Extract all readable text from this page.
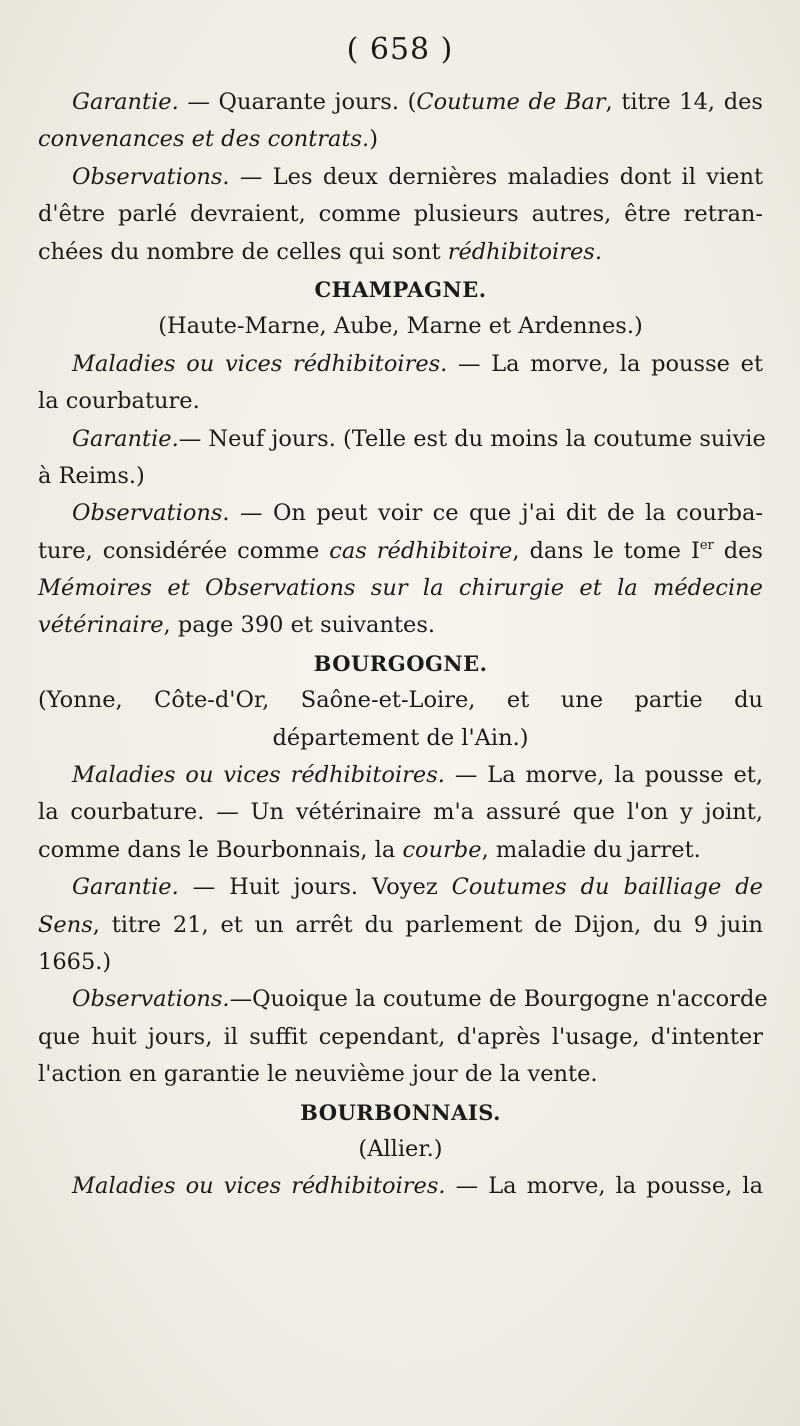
( 658 )
Garantie. — Quarante jours. (Coutume de Bar, titre 14, des
convenances et des contrats.)
Observations. — Les deux dernières maladies dont il vient
d'être parlé devraient, comme plusieurs autres, être retran-
chées du nombre de celles qui sont rédhibitoires.
CHAMPAGNE.
(Haute-Marne, Aube, Marne et Ardennes.)
Maladies ou vices rédhibitoires. — La morve, la pousse et
la courbature.
Garantie.— Neuf jours. (Telle est du moins la coutume suivie
à Reims.)
Observations. — On peut voir ce que j'ai dit de la courba-
ture, considérée comme cas rédhibitoire, dans le tome Ier des
Mémoires et Observations sur la chirurgie et la médecine
vétérinaire, page 390 et suivantes.
BOURGOGNE.
(Yonne, Côte-d'Or, Saône-et-Loire, et une partie du
département de l'Ain.)
Maladies ou vices rédhibitoires. — La morve, la pousse et,
la courbature. — Un vétérinaire m'a assuré que l'on y joint,
comme dans le Bourbonnais, la courbe, maladie du jarret.
Garantie. — Huit jours. Voyez Coutumes du bailliage de
Sens, titre 21, et un arrêt du parlement de Dijon, du 9 juin
1665.)
Observations.—Quoique la coutume de Bourgogne n'accorde
que huit jours, il suffit cependant, d'après l'usage, d'intenter
l'action en garantie le neuvième jour de la vente.
BOURBONNAIS.
(Allier.)
Maladies ou vices rédhibitoires. — La morve, la pousse, la
